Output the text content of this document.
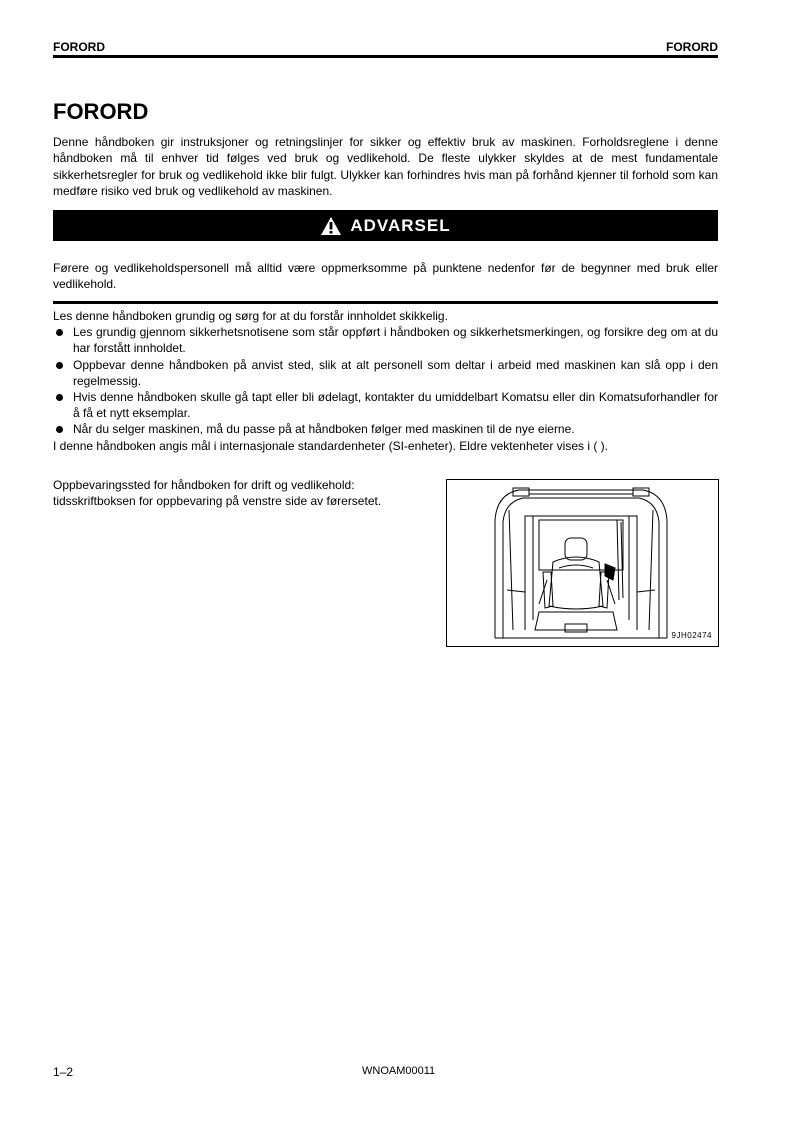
FORORD	FORORD
FORORD

Denne håndboken gir instruksjoner og retningslinjer for sikker og effektiv bruk av maskinen. Forholdsreglene i denne håndboken må til enhver tid følges ved bruk og vedlikehold. De fleste ulykker skyldes at de mest fundamentale sikkerhetsregler for bruk og vedlikehold ikke blir fulgt. Ulykker kan forhindres hvis man på forhånd kjenner til forhold som kan medføre risiko ved bruk og vedlikehold av maskinen.

ADVARSEL

Førere og vedlikeholdspersonell må alltid være oppmerksomme på punktene nedenfor før de begynner med bruk eller vedlikehold.

Les denne håndboken grundig og sørg for at du forstår innholdet skikkelig.

Les grundig gjennom sikkerhetsnotisene som står oppført i håndboken og sikkerhetsmerkingen, og forsikre deg om at du har forstått innholdet.

Oppbevar denne håndboken på anvist sted, slik at alt personell som deltar i arbeid med maskinen kan slå opp i den regelmessig.

Hvis denne håndboken skulle gå tapt eller bli ødelagt, kontakter du umiddelbart Komatsu eller din Komatsuforhandler for å få et nytt eksemplar.

Når du selger maskinen, må du passe på at håndboken følger med maskinen til de nye eierne.

I denne håndboken angis mål i internasjonale standardenheter (SI-enheter). Eldre vektenheter vises i ( ).

Oppbevaringssted for håndboken for drift og vedlikehold:
tidsskriftboksen for oppbevaring på venstre side av førersetet.
9JH02474
1–2	WNOAM00011
